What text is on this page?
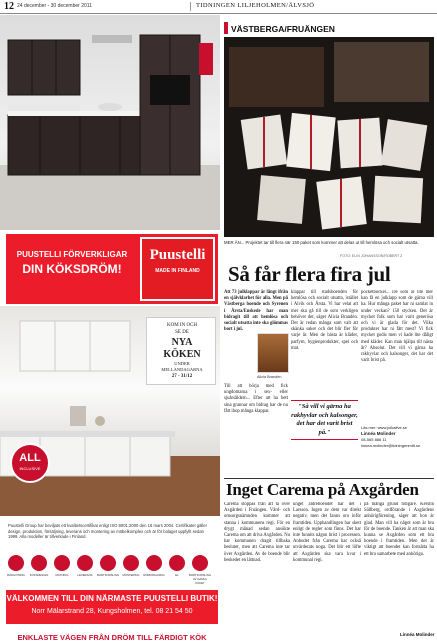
12 24 december - 30 december 2011	TIDNINGEN LILJEHOLMEN/ÄLVSJÖ
PUUSTELLI FÖRVERKLIGAR
DIN KÖKSDRÖM!
Puustelli
MADE IN FINLAND
KOM IN OCH
SE DE
NYA
KÖKEN
UNDER
MELLANDAGARNA
27 - 31/12
ALL
INCLUSIVE
Puustelli Group har beviljats ett kvalitetscertifikat enligt ISO 9001:2000 den 16 mars 2004. Certifikatet gäller design, produktion, försäljning, leverans och montering av möbelkomplex och är för bolaget uppfyllt sedan 1999. Alla modeller är tillverkade i Finland.
RÅDGIVNING	KÖKSDESIGN	MÄTNING	LEVERANS	BORTFORSLING	MONTERING	RÖRDRAGNING	EL	BORTFORSLING AV GAMLA KÖKET
VÄLKOMMEN TILL DIN NÄRMASTE PUUSTELLI BUTIK!
Norr Mälarstrand 28, Kungsholmen, tel. 08 21 54 50
ENKLASTE VÄGEN FRÅN DRÖM TILL FÄRDIGT KÖK
VÄSTBERGA/FRUÄNGEN
MER ÄN... Projektet tar till flera när 150 paket som kommer att delas ut till hemlösa och socialt utsatta.
FOTO: ELIN JOHANSSON/ROBERT Z
Så får flera fira jul
Att 73 julklappar är långt ifrån en självklarhet för alla. Men på Västberga boende och Syrenen i Årsta/Enskede har man bidragit till att hemlösa och socialt utsatta inte ska glömmas bort i jul.
Alicia Brandén
Till att börja med fick ungdomarna i sex- eller sjuårsåldern... Efter att ha bett sina grannar om bidrag har de nu fått ihop många klappar.
klappar till stadsboenden för hemlösa och socialt utsatta, istället i Alvik och Årsta. Vi har velat att mer ska gå till de som verkligen behöver det, säger Alicia Brandén. Det är redan många som valt att skänka saker och det blir fler för varje år. Men de bästa är kläder, parfym, hygienprodukter, spel och mat.
"Så vill vi gärna ha rakhyvlar och kalsonger, det har det varit brist på."
pocketböcker... De som är lite mer kan få en julklapp som de gärna vill ha. Hur många paket har ni samlat in under veckan? 150 stycken. Det är mycket folk som har varit generösa och vi är glada för det. Vilka produkter har ni fått mest? Vi fick mycket godis men vi hade lite dåligt med kläder. Kan man hjälpa till nästa år? Absolut. Det vill vi gärna ha rakhyvlar och kalsonger, det har det varit brist på.
Läs mer: www.julkalfve.se
Linnéa Molinder
08-565 886 11
linnea.molinder@tidningenmitt.se
Inget Carema på Axgården
Carema stoppas från att ta över Axgården i Fruängen. Vård- och omsorgsnämnden kommer att stanna i kommunens regi. För en drygt månad sedan ansökte Carema om att driva Axgården. Nu har kommunen dragit tillbaka beslutet, men att Carema inte tar över Axgården. Av de boende blir beskedet en lättnad.
unget äldreboendet har det i Larsson. Ingen av dem var direkt negativ, men det fanns oro inför framtiden. Upphandlingen har skett enligt de regler som finns. Det har inte funnits någon brist i processen. Anbudet från Carema har också utvärderats noga. Det blir ett löfte att Axgården ska vara kvar i kommunal regi.
på många grund tidigare. Kerstin Sällberg, ordförande i Axgårdens anhörigförening, säger att hon är glad. Man vill ha något som är bra för de boende. Tanken är att man ska kunna se Axgården som ett bra boende i framtiden. Men det är viktigt att boendet kan fortsätta ha ett bra samarbete med anhöriga.
Linnéa Molinder
